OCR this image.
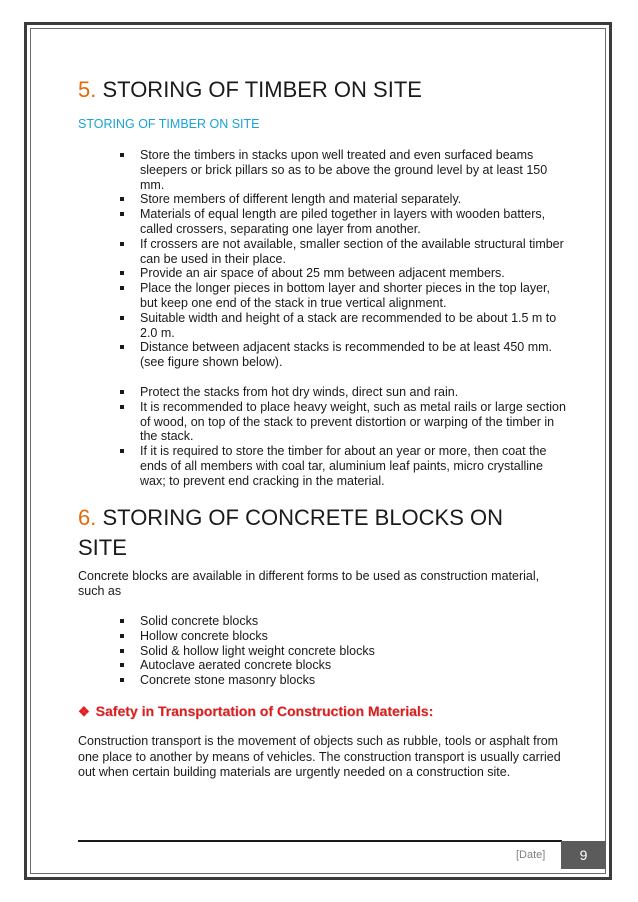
5. STORING OF TIMBER ON SITE
STORING OF TIMBER ON SITE
Store the timbers in stacks upon well treated and even surfaced beams sleepers or brick pillars so as to be above the ground level by at least 150 mm.
Store members of different length and material separately.
Materials of equal length are piled together in layers with wooden batters, called crossers, separating one layer from another.
If crossers are not available, smaller section of the available structural timber can be used in their place.
Provide an air space of about 25 mm between adjacent members.
Place the longer pieces in bottom layer and shorter pieces in the top layer, but keep one end of the stack in true vertical alignment.
Suitable width and height of a stack are recommended to be about 1.5 m to 2.0 m.
Distance between adjacent stacks is recommended to be at least 450 mm. (see figure shown below).
Protect the stacks from hot dry winds, direct sun and rain.
It is recommended to place heavy weight, such as metal rails or large section of wood, on top of the stack to prevent distortion or warping of the timber in the stack.
If it is required to store the timber for about an year or more, then coat the ends of all members with coal tar, aluminium leaf paints, micro crystalline wax; to prevent end cracking in the material.
6. STORING OF CONCRETE BLOCKS ON SITE
Concrete blocks are available in different forms to be used as construction material, such as
Solid concrete blocks
Hollow concrete blocks
Solid & hollow light weight concrete blocks
Autoclave aerated concrete blocks
Concrete stone masonry blocks
❖ Safety in Transportation of Construction Materials:
Construction transport is the movement of objects such as rubble, tools or asphalt from one place to another by means of vehicles. The construction transport is usually carried out when certain building materials are urgently needed on a construction site.
[Date]	9
